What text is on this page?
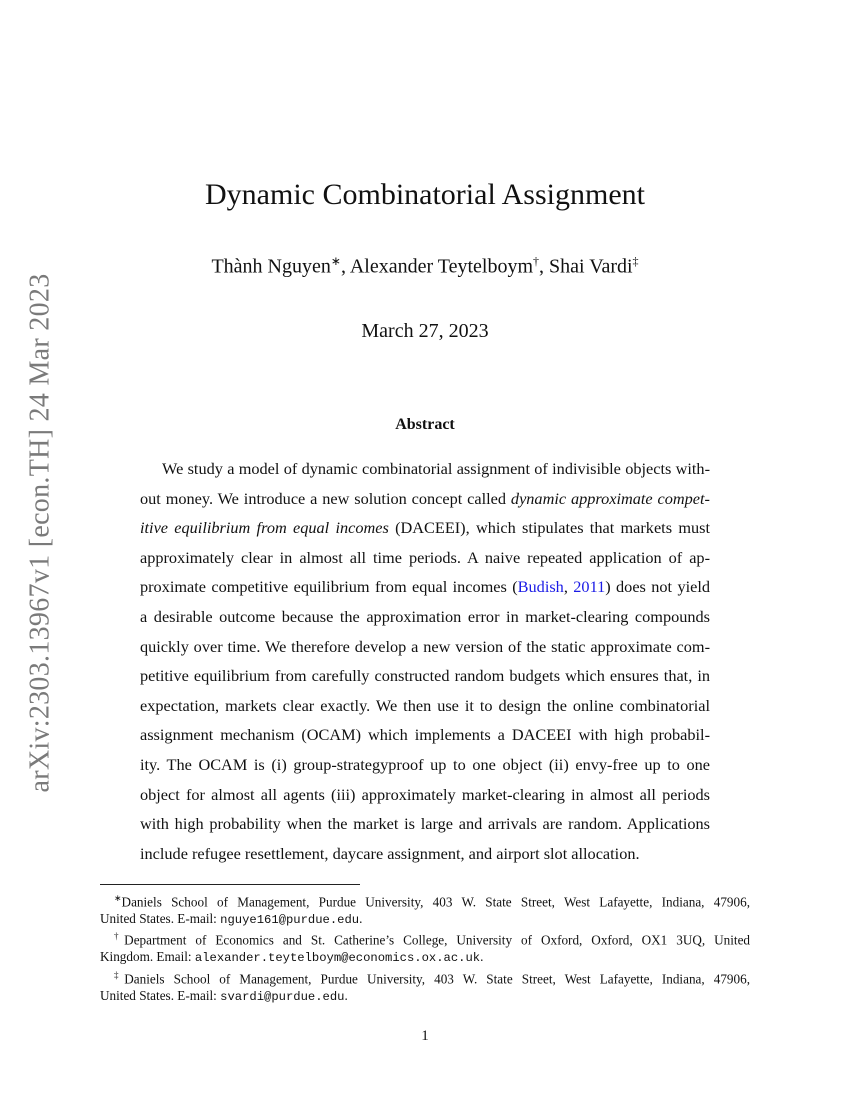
arXiv:2303.13967v1 [econ.TH] 24 Mar 2023
Dynamic Combinatorial Assignment
Thành Nguyen∗, Alexander Teytelboym†, Shai Vardi‡
March 27, 2023
Abstract
We study a model of dynamic combinatorial assignment of indivisible objects with-
out money. We introduce a new solution concept called dynamic approximate compet-
itive equilibrium from equal incomes (DACEEI), which stipulates that markets must
approximately clear in almost all time periods. A naive repeated application of ap-
proximate competitive equilibrium from equal incomes (Budish, 2011) does not yield
a desirable outcome because the approximation error in market-clearing compounds
quickly over time. We therefore develop a new version of the static approximate com-
petitive equilibrium from carefully constructed random budgets which ensures that, in
expectation, markets clear exactly. We then use it to design the online combinatorial
assignment mechanism (OCAM) which implements a DACEEI with high probabil-
ity. The OCAM is (i) group-strategyproof up to one object (ii) envy-free up to one
object for almost all agents (iii) approximately market-clearing in almost all periods
with high probability when the market is large and arrivals are random. Applications
include refugee resettlement, daycare assignment, and airport slot allocation.
∗Daniels School of Management, Purdue University, 403 W. State Street, West Lafayette, Indiana, 47906,
United States. E-mail: nguye161@purdue.edu.
†Department of Economics and St. Catherine’s College, University of Oxford, Oxford, OX1 3UQ, United
Kingdom. Email: alexander.teytelboym@economics.ox.ac.uk.
‡Daniels School of Management, Purdue University, 403 W. State Street, West Lafayette, Indiana, 47906,
United States. E-mail: svardi@purdue.edu.
1
